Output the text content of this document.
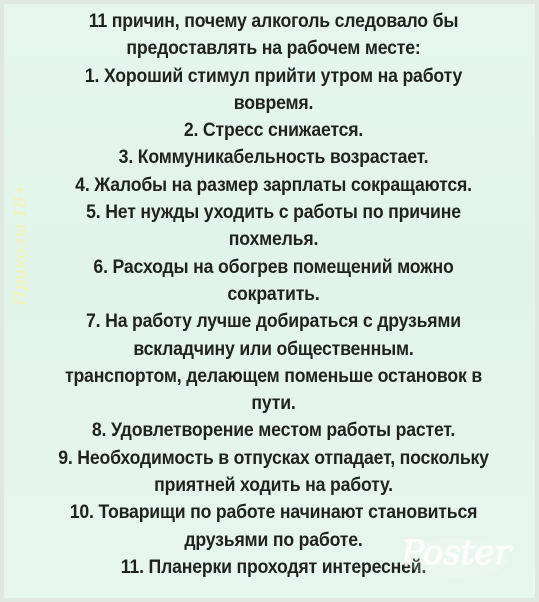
11 причин, почему алкоголь следовало бы
предоставлять на рабочем месте:
1. Хороший стимул прийти утром на работу
вовремя.
2. Стресс снижается.
3. Коммуникабельность возрастает.
4. Жалобы на размер зарплаты сокращаются.
5. Нет нужды уходить с работы по причине
похмелья.
6. Расходы на обогрев помещений можно
сократить.
7. На работу лучше добираться с друзьями
вскладчину или общественным.
транспортом, делающем поменьше остановок в
пути.
8. Удовлетворение местом работы растет.
9. Необходимость в отпусках отпадает, поскольку
приятней ходить на работу.
10. Товарищи по работе начинают становиться
друзьями по работе.
11. Планерки проходят интересней.
Приколы 18+
Poster
